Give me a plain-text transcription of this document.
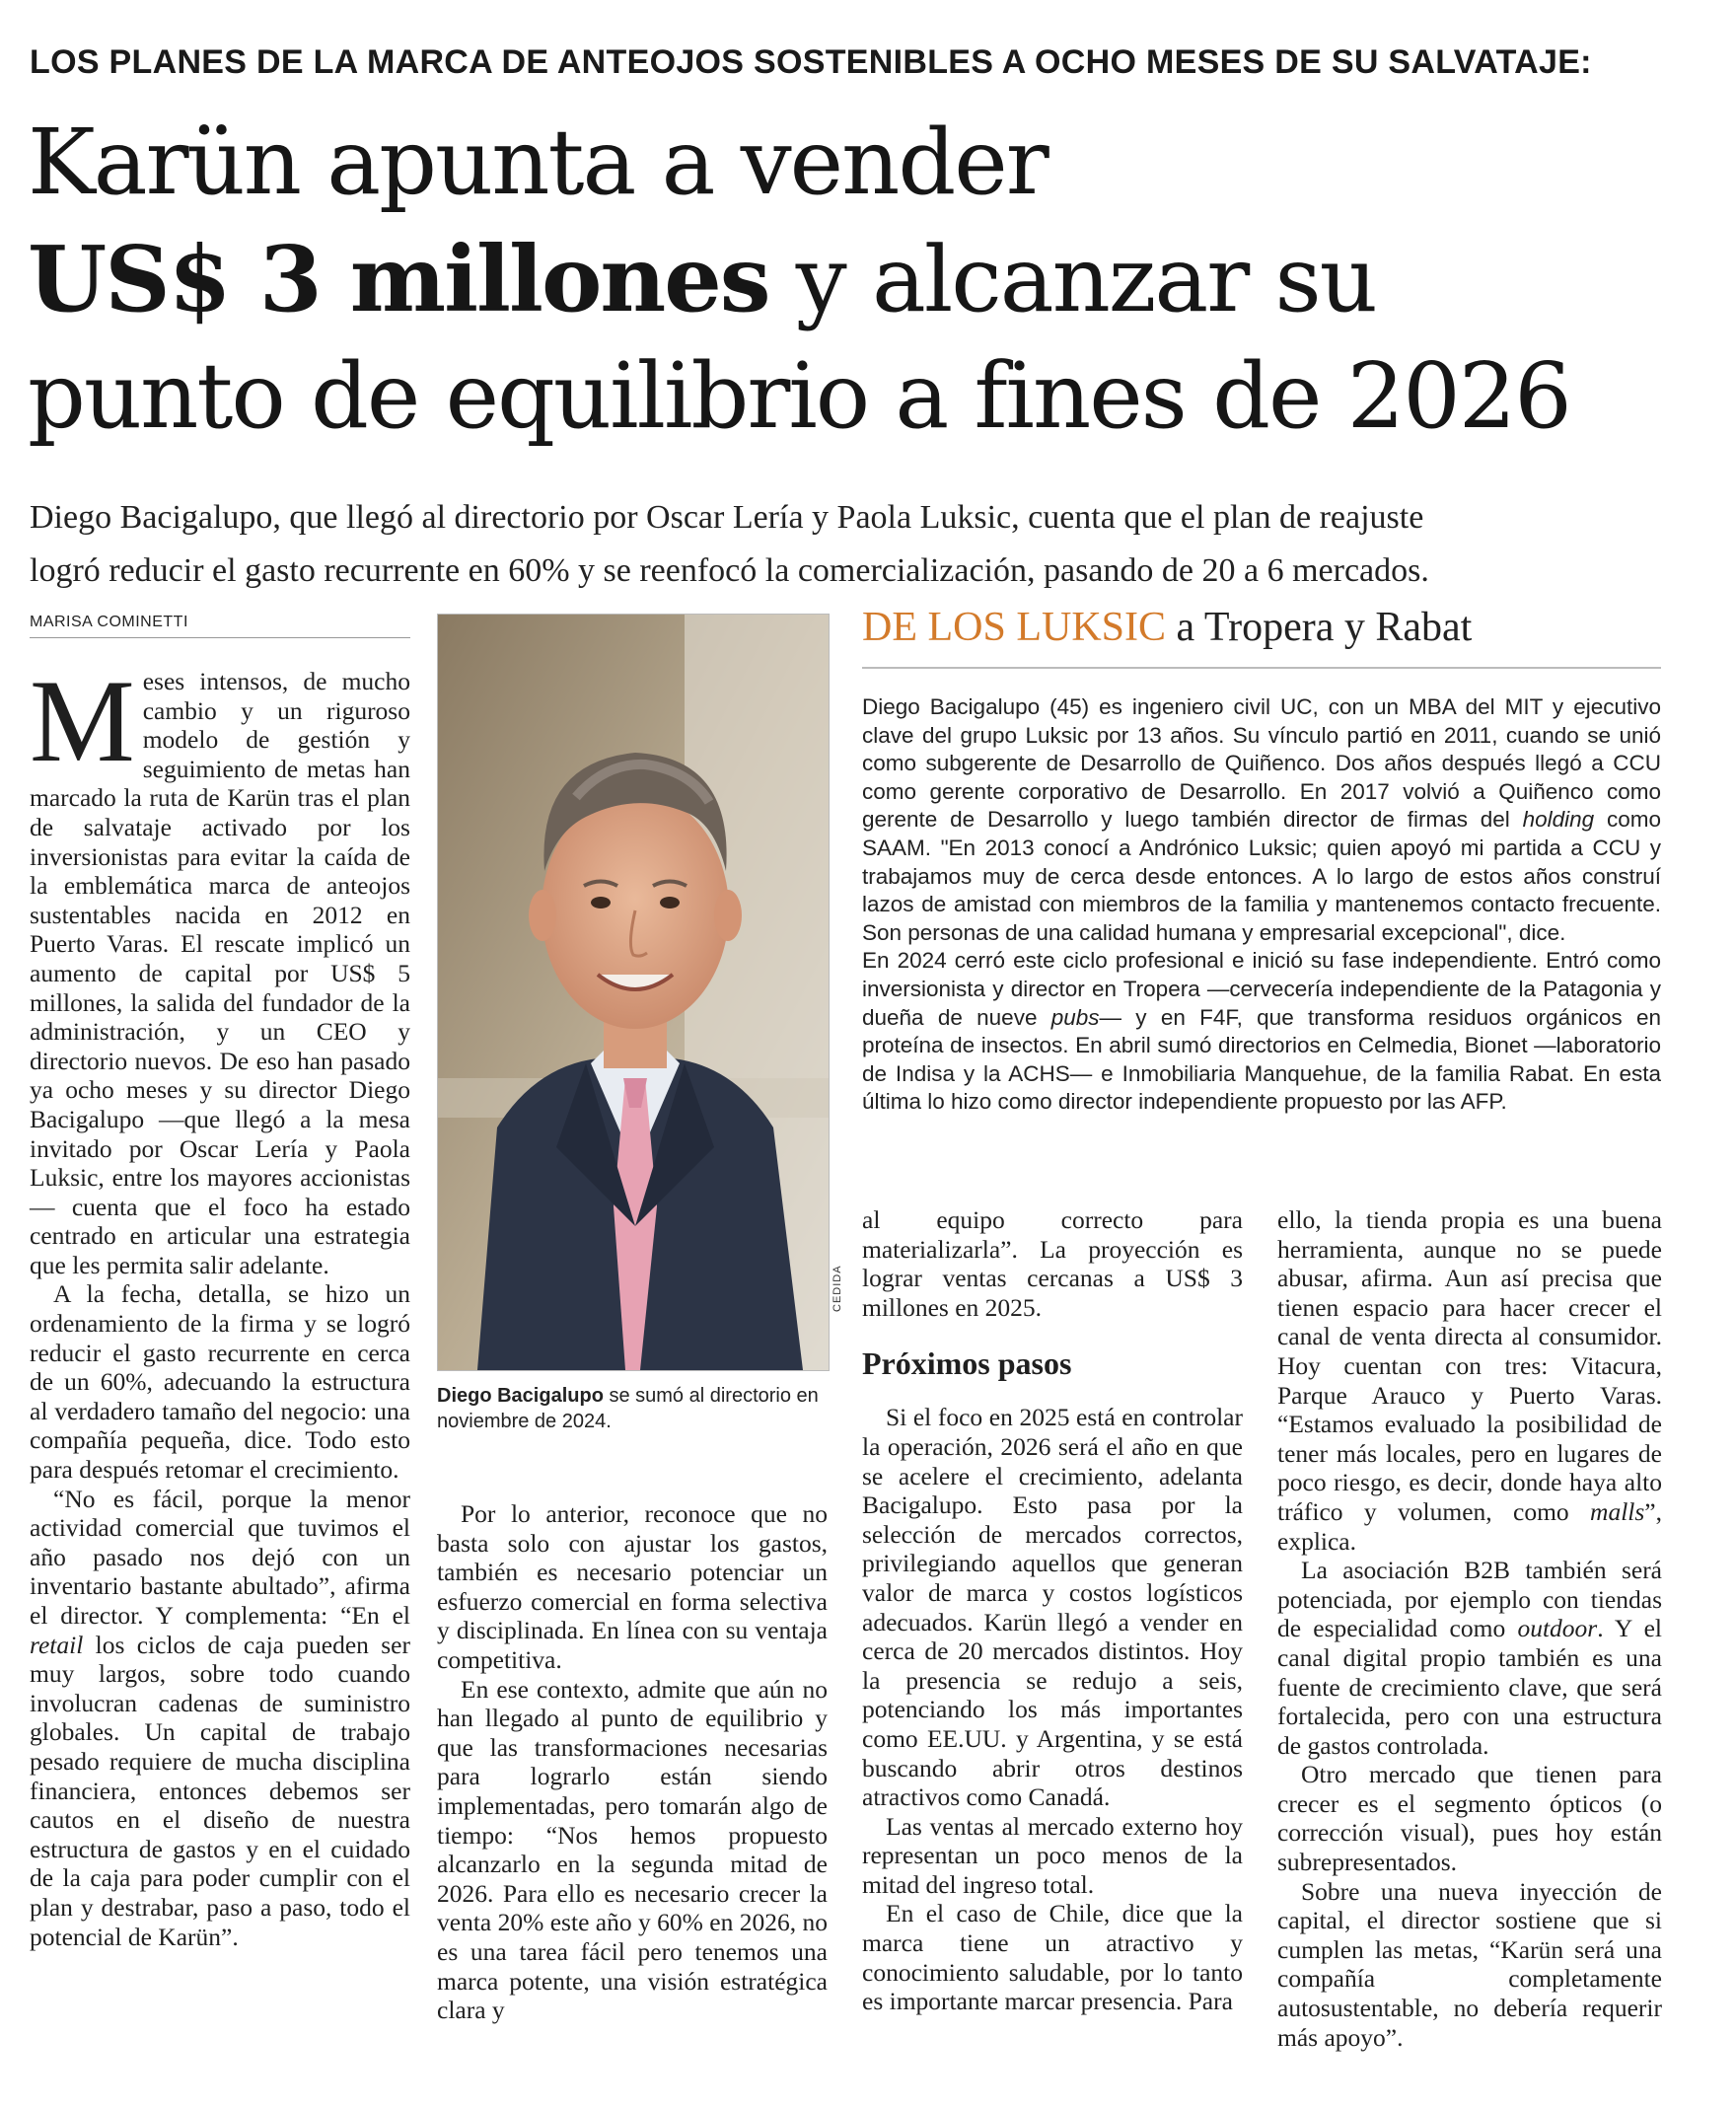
LOS PLANES DE LA MARCA DE ANTEOJOS SOSTENIBLES A OCHO MESES DE SU SALVATAJE:
Karün apunta a vender
US$ 3 millones y alcanzar su
punto de equilibrio a fines de 2026
Diego Bacigalupo, que llegó al directorio por Oscar Lería y Paola Luksic, cuenta que el plan de reajuste
logró reducir el gasto recurrente en 60% y se reenfocó la comercialización, pasando de 20 a 6 mercados.
MARISA COMINETTI

Meses intensos, de mucho cambio y un riguroso modelo de gestión y seguimiento de metas han marcado la ruta de Karün tras el plan de salvataje activado por los inversionistas para evitar la caída de la emblemática marca de anteojos sustentables nacida en 2012 en Puerto Varas. El rescate implicó un aumento de capital por US$ 5 millones, la salida del fundador de la administración, y un CEO y directorio nuevos. De eso han pasado ya ocho meses y su director Diego Bacigalupo —que llegó a la mesa invitado por Oscar Lería y Paola Luksic, entre los mayores accionistas— cuenta que el foco ha estado centrado en articular una estrategia que les permita salir adelante.

A la fecha, detalla, se hizo un ordenamiento de la firma y se logró reducir el gasto recurrente en cerca de un 60%, adecuando la estructura al verdadero tamaño del negocio: una compañía pequeña, dice. Todo esto para después retomar el crecimiento.

“No es fácil, porque la menor actividad comercial que tuvimos el año pasado nos dejó con un inventario bastante abultado”, afirma el director. Y complementa: “En el retail los ciclos de caja pueden ser muy largos, sobre todo cuando involucran cadenas de suministro globales. Un capital de trabajo pesado requiere de mucha disciplina financiera, entonces debemos ser cautos en el diseño de nuestra estructura de gastos y en el cuidado de la caja para poder cumplir con el plan y destrabar, paso a paso, todo el potencial de Karün”.

CEDIDA
Diego Bacigalupo se sumó al directorio en noviembre de 2024.
DE LOS LUKSIC a Tropera y Rabat

Diego Bacigalupo (45) es ingeniero civil UC, con un MBA del MIT y ejecutivo clave del grupo Luksic por 13 años. Su vínculo partió en 2011, cuando se unió como subgerente de Desarrollo de Quiñenco. Dos años después llegó a CCU como gerente corporativo de Desarrollo. En 2017 volvió a Quiñenco como gerente de Desarrollo y luego también director de firmas del holding como SAAM. "En 2013 conocí a Andrónico Luksic; quien apoyó mi partida a CCU y trabajamos muy de cerca desde entonces. A lo largo de estos años construí lazos de amistad con miembros de la familia y mantenemos contacto frecuente. Son personas de una calidad humana y empresarial excepcional", dice.

En 2024 cerró este ciclo profesional e inició su fase independiente. Entró como inversionista y director en Tropera —cervecería independiente de la Patagonia y dueña de nueve pubs— y en F4F, que transforma residuos orgánicos en proteína de insectos. En abril sumó directorios en Celmedia, Bionet —laboratorio de Indisa y la ACHS— e Inmobiliaria Manquehue, de la familia Rabat. En esta última lo hizo como director independiente propuesto por las AFP.

Por lo anterior, reconoce que no basta solo con ajustar los gastos, también es necesario potenciar un esfuerzo comercial en forma selectiva y disciplinada. En línea con su ventaja competitiva.

En ese contexto, admite que aún no han llegado al punto de equilibrio y que las transformaciones necesarias para lograrlo están siendo implementadas, pero tomarán algo de tiempo: “Nos hemos propuesto alcanzarlo en la segunda mitad de 2026. Para ello es necesario crecer la venta 20% este año y 60% en 2026, no es una tarea fácil pero tenemos una marca potente, una visión estratégica clara y

al equipo correcto para materializarla”. La proyección es lograr ventas cercanas a US$ 3 millones en 2025.

Próximos pasos

Si el foco en 2025 está en controlar la operación, 2026 será el año en que se acelere el crecimiento, adelanta Bacigalupo. Esto pasa por la selección de mercados correctos, privilegiando aquellos que generan valor de marca y costos logísticos adecuados. Karün llegó a vender en cerca de 20 mercados distintos. Hoy la presencia se redujo a seis, potenciando los más importantes como EE.UU. y Argentina, y se está buscando abrir otros destinos atractivos como Canadá.

Las ventas al mercado externo hoy representan un poco menos de la mitad del ingreso total.

En el caso de Chile, dice que la marca tiene un atractivo y conocimiento saludable, por lo tanto es importante marcar presencia. Para

ello, la tienda propia es una buena herramienta, aunque no se puede abusar, afirma. Aun así precisa que tienen espacio para hacer crecer el canal de venta directa al consumidor. Hoy cuentan con tres: Vitacura, Parque Arauco y Puerto Varas. “Estamos evaluado la posibilidad de tener más locales, pero en lugares de poco riesgo, es decir, donde haya alto tráfico y volumen, como malls”, explica.

La asociación B2B también será potenciada, por ejemplo con tiendas de especialidad como outdoor. Y el canal digital propio también es una fuente de crecimiento clave, que será fortalecida, pero con una estructura de gastos controlada.

Otro mercado que tienen para crecer es el segmento ópticos (o corrección visual), pues hoy están subrepresentados.

Sobre una nueva inyección de capital, el director sostiene que si cumplen las metas, “Karün será una compañía completamente autosustentable, no debería requerir más apoyo”.
